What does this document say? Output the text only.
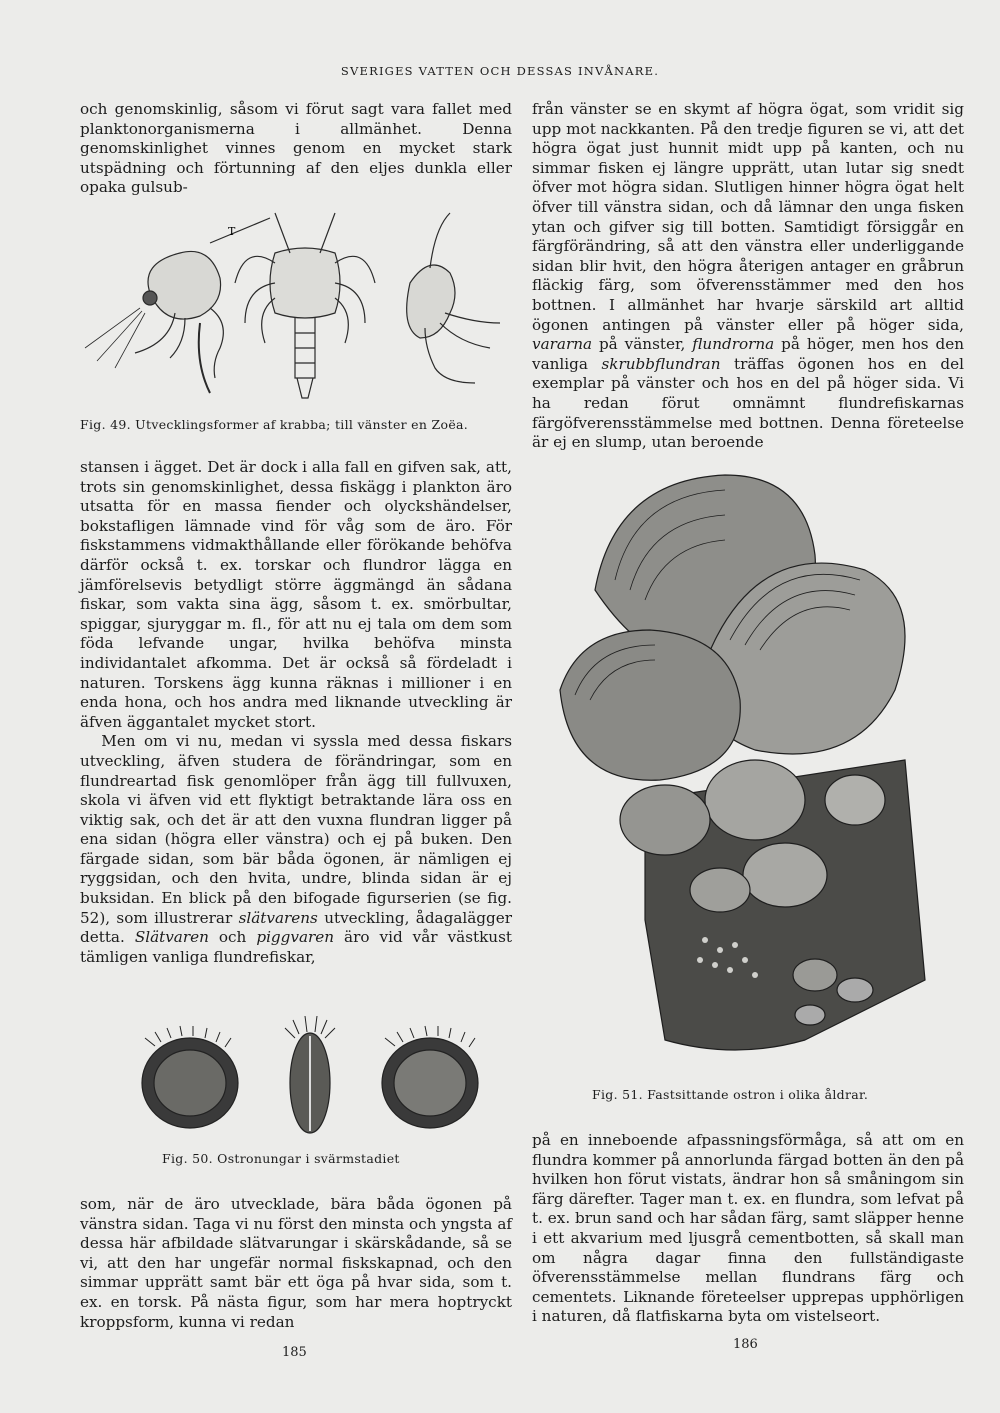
SVERIGES VATTEN OCH DESSAS INVÅNARE.

och genomskinlig, såsom vi förut sagt vara fallet med planktonorganismerna i allmänhet. Denna genomskinlighet vinnes genom en mycket stark utspädning och förtunning af den eljes dunkla eller opaka gulsub-

T
Fig. 49. Utvecklingsformer af krabba; till vänster en Zoëa.

stansen i ägget. Det är dock i alla fall en gifven sak, att, trots sin genomskinlighet, dessa fiskägg i plankton äro utsatta för en massa fiender och olyckshändelser, bokstafligen lämnade vind för våg som de äro. För fiskstammens vidmakthållande eller förökande behöfva därför också t. ex. torskar och flundror lägga en jämförelsevis betydligt större äggmängd än sådana fiskar, som vakta sina ägg, såsom t. ex. smörbultar, spiggar, sjuryggar m. fl., för att nu ej tala om dem som föda lefvande ungar, hvilka behöfva minsta individantalet afkomma. Det är också så fördeladt i naturen. Torskens ägg kunna räknas i millioner i en enda hona, och hos andra med liknande utveckling är äfven äggantalet mycket stort.

Men om vi nu, medan vi syssla med dessa fiskars utveckling, äfven studera de förändringar, som en flundreartad fisk genomlöper från ägg till fullvuxen, skola vi äfven vid ett flyktigt betraktande lära oss en viktig sak, och det är att den vuxna flundran ligger på ena sidan (högra eller vänstra) och ej på buken. Den färgade sidan, som bär båda ögonen, är nämligen ej ryggsidan, och den hvita, undre, blinda sidan är ej buksidan. En blick på den bifogade figurserien (se fig. 52), som illustrerar slätvarens utveckling, ådagalägger detta. Slätvaren och piggvaren äro vid vår västkust tämligen vanliga flundrefiskar,

Fig. 50. Ostronungar i svärmstadiet

som, när de äro utvecklade, bära båda ögonen på vänstra sidan. Taga vi nu först den minsta och yngsta af dessa här afbildade slätvarungar i skärskådande, så se vi, att den har ungefär normal fiskskapnad, och den simmar upprätt samt bär ett öga på hvar sida, som t. ex. en torsk. På nästa figur, som har mera hoptryckt kroppsform, kunna vi redan

185

från vänster se en skymt af högra ögat, som vridit sig upp mot nackkanten. På den tredje figuren se vi, att det högra ögat just hunnit midt upp på kanten, och nu simmar fisken ej längre upprätt, utan lutar sig snedt öfver mot högra sidan. Slutligen hinner högra ögat helt öfver till vänstra sidan, och då lämnar den unga fisken ytan och gifver sig till botten. Samtidigt försiggår en färgförändring, så att den vänstra eller underliggande sidan blir hvit, den högra återigen antager en gråbrun fläckig färg, som öfverensstämmer med den hos bottnen. I allmänhet har hvarje särskild art alltid ögonen antingen på vänster eller på höger sida, vararna på vänster, flundrorna på höger, men hos den vanliga skrubbflundran träffas ögonen hos en del exemplar på vänster och hos en del på höger sida. Vi ha redan förut omnämnt flundrefiskarnas färgöfverensstämmelse med bottnen. Denna företeelse är ej en slump, utan beroende

Fig. 51. Fastsittande ostron i olika åldrar.

på en inneboende afpassningsförmåga, så att om en flundra kommer på annorlunda färgad botten än den på hvilken hon förut vistats, ändrar hon så småningom sin färg därefter. Tager man t. ex. en flundra, som lefvat på t. ex. brun sand och har sådan färg, samt släpper henne i ett akvarium med ljusgrå cementbotten, så skall man om några dagar finna den fullständigaste öfverensstämmelse mellan flundrans färg och cementets. Liknande företeelser upprepas upphörligen i naturen, då flatfiskarna byta om vistelseort.

186
